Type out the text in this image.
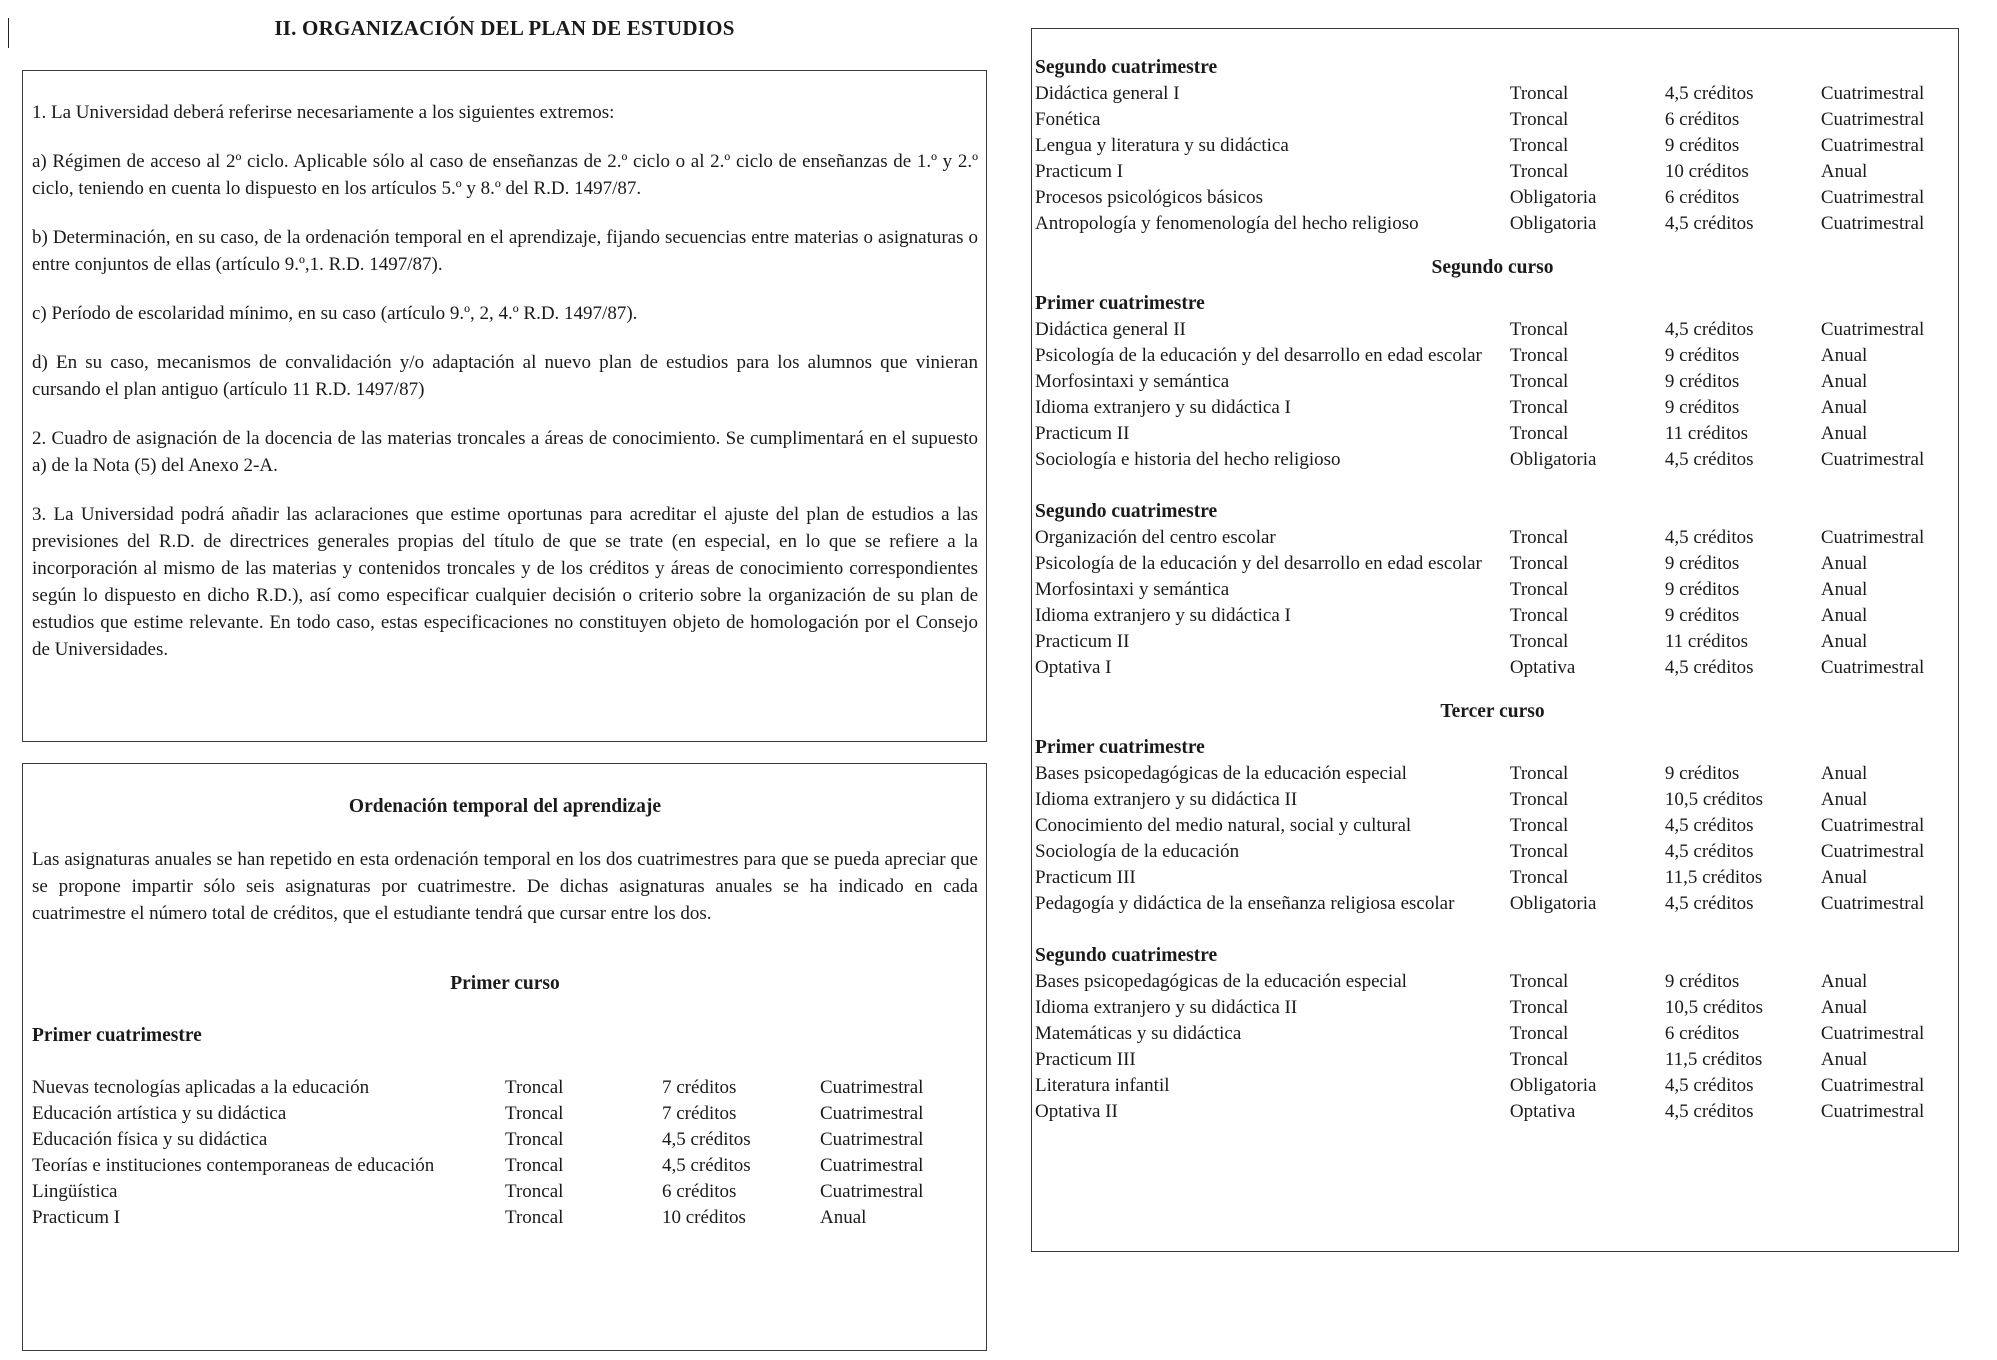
II. ORGANIZACIÓN DEL PLAN DE ESTUDIOS

1. La Universidad deberá referirse necesariamente a los siguientes extremos:

a) Régimen de acceso al 2º ciclo. Aplicable sólo al caso de enseñanzas de 2.º ciclo o al 2.º ciclo de enseñanzas de 1.º y 2.º ciclo, teniendo en cuenta lo dispuesto en los artículos 5.º y 8.º del R.D. 1497/87.

b) Determinación, en su caso, de la ordenación temporal en el aprendizaje, fijando secuencias entre materias o asignaturas o entre conjuntos de ellas (artículo 9.º,1. R.D. 1497/87).

c) Período de escolaridad mínimo, en su caso (artículo 9.º, 2, 4.º R.D. 1497/87).

d) En su caso, mecanismos de convalidación y/o adaptación al nuevo plan de estudios para los alumnos que vinieran cursando el plan antiguo (artículo 11 R.D. 1497/87)

2. Cuadro de asignación de la docencia de las materias troncales a áreas de conocimiento. Se cumplimentará en el supuesto a) de la Nota (5) del Anexo 2-A.

3. La Universidad podrá añadir las aclaraciones que estime oportunas para acreditar el ajuste del plan de estudios a las previsiones del R.D. de directrices generales propias del título de que se trate (en especial, en lo que se refiere a la incorporación al mismo de las materias y contenidos troncales y de los créditos y áreas de conocimiento correspondientes según lo dispuesto en dicho R.D.), así como especificar cualquier decisión o criterio sobre la organización de su plan de estudios que estime relevante. En todo caso, estas especificaciones no constituyen objeto de homologación por el Consejo de Universidades.

Ordenación temporal del aprendizaje

Las asignaturas anuales se han repetido en esta ordenación temporal en los dos cuatrimestres para que se pueda apreciar que se propone impartir sólo seis asignaturas por cuatrimestre. De dichas asignaturas anuales se ha indicado en cada cuatrimestre el número total de créditos, que el estudiante tendrá que cursar entre los dos.

Primer curso
Primer cuatrimestre
Nuevas tecnologías aplicadas a la educación	Troncal	7 créditos	Cuatrimestral
Educación artística y su didáctica	Troncal	7 créditos	Cuatrimestral
Educación física y su didáctica	Troncal	4,5 créditos	Cuatrimestral
Teorías e instituciones contemporaneas de educación	Troncal	4,5 créditos	Cuatrimestral
Lingüística	Troncal	6 créditos	Cuatrimestral
Practicum I	Troncal	10 créditos	Anual
Segundo cuatrimestre
Didáctica general I	Troncal	4,5 créditos	Cuatrimestral
Fonética	Troncal	6 créditos	Cuatrimestral
Lengua y literatura y su didáctica	Troncal	9 créditos	Cuatrimestral
Practicum I	Troncal	10 créditos	Anual
Procesos psicológicos básicos	Obligatoria	6 créditos	Cuatrimestral
Antropología y fenomenología del hecho religioso	Obligatoria	4,5 créditos	Cuatrimestral
Segundo curso
Primer cuatrimestre
Didáctica general II	Troncal	4,5 créditos	Cuatrimestral
Psicología de la educación y del desarrollo en edad escolar	Troncal	9 créditos	Anual
Morfosintaxi y semántica	Troncal	9 créditos	Anual
Idioma extranjero y su didáctica I	Troncal	9 créditos	Anual
Practicum II	Troncal	11 créditos	Anual
Sociología e historia del hecho religioso	Obligatoria	4,5 créditos	Cuatrimestral
Segundo cuatrimestre
Organización del centro escolar	Troncal	4,5 créditos	Cuatrimestral
Psicología de la educación y del desarrollo en edad escolar	Troncal	9 créditos	Anual
Morfosintaxi y semántica	Troncal	9 créditos	Anual
Idioma extranjero y su didáctica I	Troncal	9 créditos	Anual
Practicum II	Troncal	11 créditos	Anual
Optativa I	Optativa	4,5 créditos	Cuatrimestral
Tercer curso
Primer cuatrimestre
Bases psicopedagógicas de la educación especial	Troncal	9 créditos	Anual
Idioma extranjero y su didáctica II	Troncal	10,5 créditos	Anual
Conocimiento del medio natural, social y cultural	Troncal	4,5 créditos	Cuatrimestral
Sociología de la educación	Troncal	4,5 créditos	Cuatrimestral
Practicum III	Troncal	11,5 créditos	Anual
Pedagogía y didáctica de la enseñanza religiosa escolar	Obligatoria	4,5 créditos	Cuatrimestral
Segundo cuatrimestre
Bases psicopedagógicas de la educación especial	Troncal	9 créditos	Anual
Idioma extranjero y su didáctica II	Troncal	10,5 créditos	Anual
Matemáticas y su didáctica	Troncal	6 créditos	Cuatrimestral
Practicum III	Troncal	11,5 créditos	Anual
Literatura infantil	Obligatoria	4,5 créditos	Cuatrimestral
Optativa II	Optativa	4,5 créditos	Cuatrimestral
